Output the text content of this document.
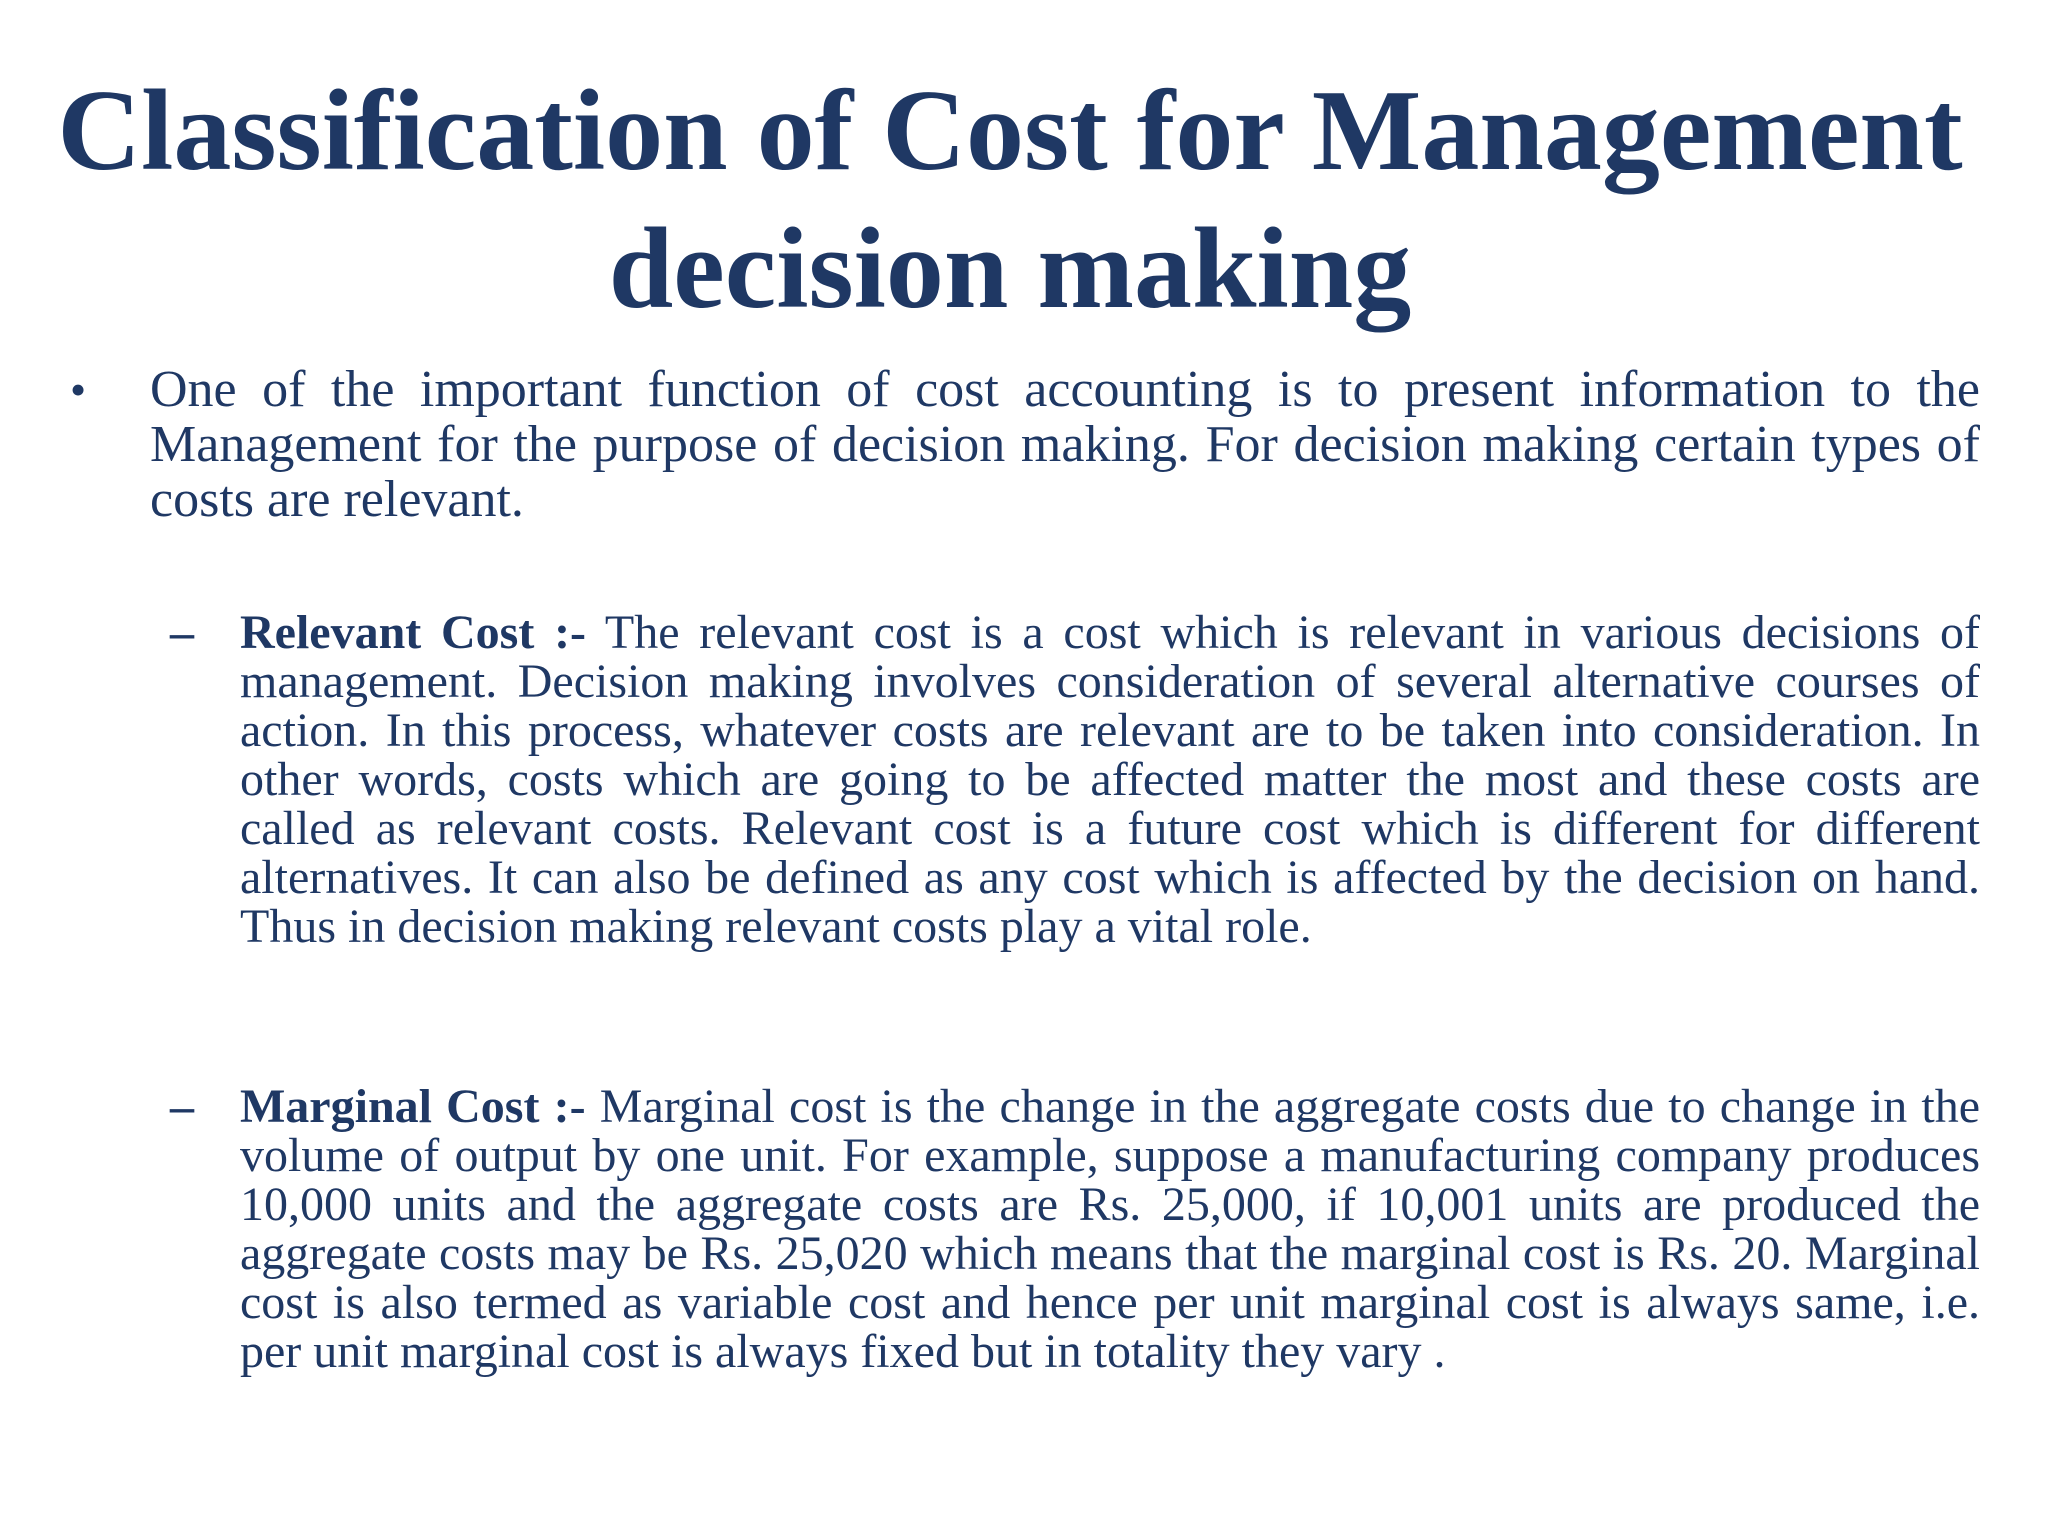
Classification of Cost for Management decision making
• One of the important function of cost accounting is to present information to the Management for the purpose of decision making. For decision making certain types of costs are relevant.
– Relevant Cost :- The relevant cost is a cost which is relevant in various decisions of management. Decision making involves consideration of several alternative courses of action. In this process, whatever costs are relevant are to be taken into consideration. In other words, costs which are going to be affected matter the most and these costs are called as relevant costs. Relevant cost is a future cost which is different for different alternatives. It can also be defined as any cost which is affected by the decision on hand. Thus in decision making relevant costs play a vital role.
– Marginal Cost :- Marginal cost is the change in the aggregate costs due to change in the volume of output by one unit. For example, suppose a manufacturing company produces 10,000 units and the aggregate costs are Rs. 25,000, if 10,001 units are produced the aggregate costs may be Rs. 25,020 which means that the marginal cost is Rs. 20. Marginal cost is also termed as variable cost and hence per unit marginal cost is always same, i.e. per unit marginal cost is always fixed but in totality they vary .
